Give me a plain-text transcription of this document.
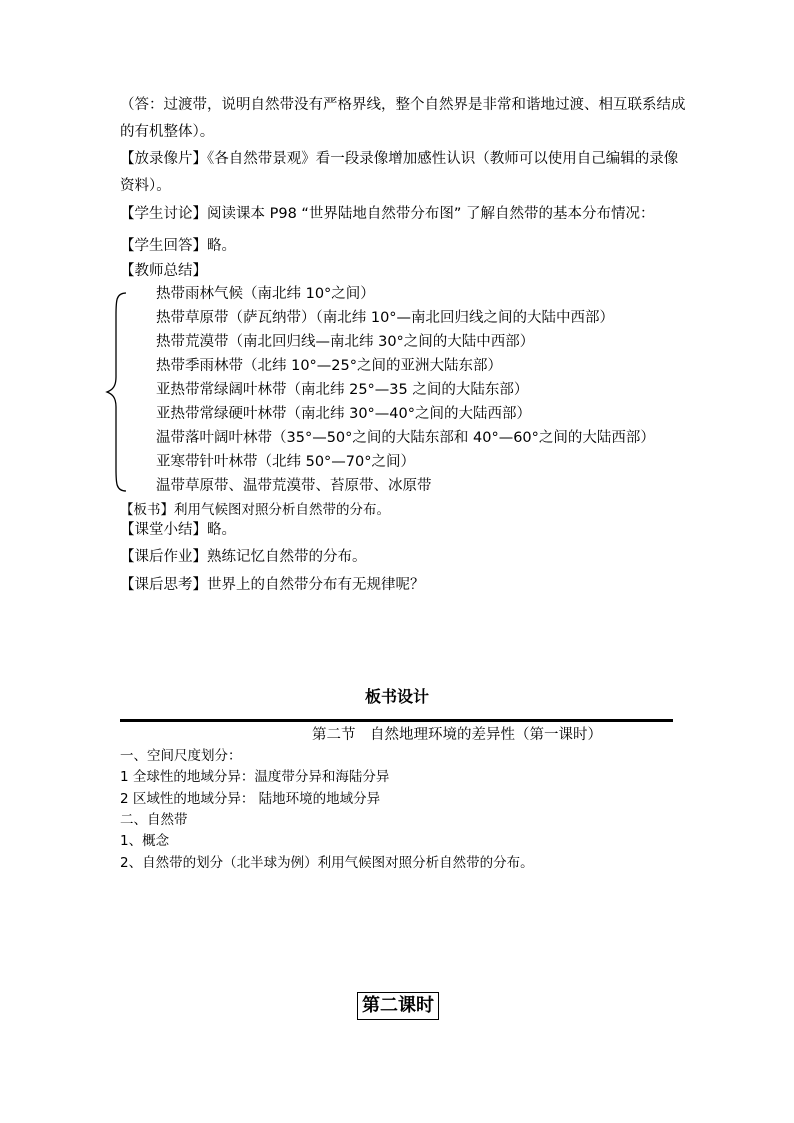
（答：过渡带，说明自然带没有严格界线，整个自然界是非常和谐地过渡、相互联系结成
的有机整体）。
【放录像片】《各自然带景观》看一段录像增加感性认识（教师可以使用自己编辑的录像
资料）。
【学生讨论】阅读课本 P98 “世界陆地自然带分布图” 了解自然带的基本分布情况：
【学生回答】略。
【教师总结】
热带雨林气候（南北纬 10°之间）
热带草原带（萨瓦纳带）（南北纬 10°—南北回归线之间的大陆中西部）
热带荒漠带（南北回归线—南北纬 30°之间的大陆中西部）
热带季雨林带（北纬 10°—25°之间的亚洲大陆东部）
亚热带常绿阔叶林带（南北纬 25°—35 之间的大陆东部）
亚热带常绿硬叶林带（南北纬 30°—40°之间的大陆西部）
温带落叶阔叶林带（35°—50°之间的大陆东部和 40°—60°之间的大陆西部）
亚寒带针叶林带（北纬 50°—70°之间）
温带草原带、温带荒漠带、苔原带、冰原带
【板书】利用气候图对照分析自然带的分布。
【课堂小结】略。
【课后作业】熟练记忆自然带的分布。
【课后思考】世界上的自然带分布有无规律呢？
板书设计
第二节　自然地理环境的差异性（第一课时）
一、空间尺度划分：
1 全球性的地域分异：温度带分异和海陆分异
2 区域性的地域分异： 陆地环境的地域分异
二、自然带
1、概念
2、自然带的划分（北半球为例）利用气候图对照分析自然带的分布。
第二课时
